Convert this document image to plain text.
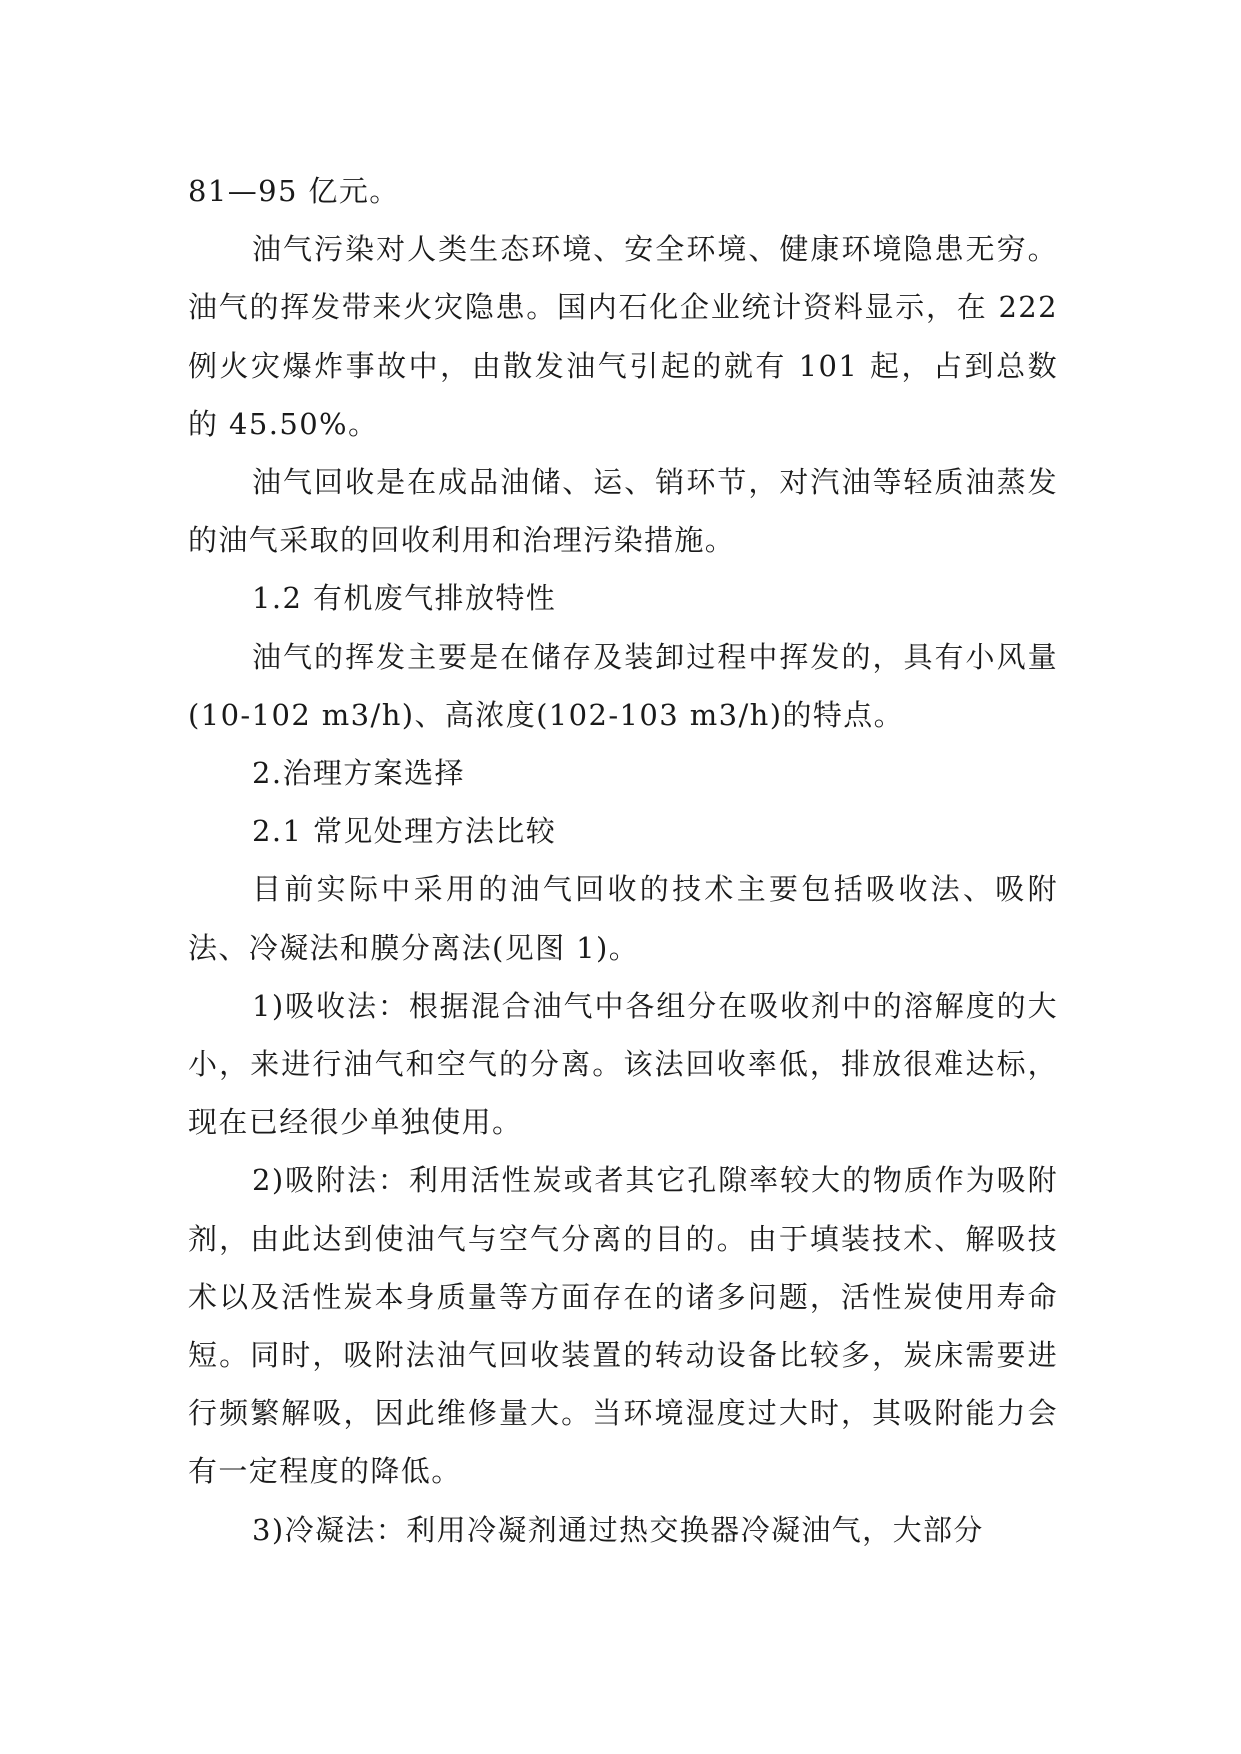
81—95 亿元。

油气污染对人类生态环境、安全环境、健康环境隐患无穷。油气的挥发带来火灾隐患。国内石化企业统计资料显示，在 222 例火灾爆炸事故中，由散发油气引起的就有 101 起，占到总数的 45.50%。

油气回收是在成品油储、运、销环节，对汽油等轻质油蒸发的油气采取的回收利用和治理污染措施。

1.2 有机废气排放特性

油气的挥发主要是在储存及装卸过程中挥发的，具有小风量(10-102 m3/h)、高浓度(102-103 m3/h)的特点。

2.治理方案选择

2.1 常见处理方法比较

目前实际中采用的油气回收的技术主要包括吸收法、吸附法、冷凝法和膜分离法(见图 1)。

1)吸收法：根据混合油气中各组分在吸收剂中的溶解度的大小，来进行油气和空气的分离。该法回收率低，排放很难达标，现在已经很少单独使用。

2)吸附法：利用活性炭或者其它孔隙率较大的物质作为吸附剂，由此达到使油气与空气分离的目的。由于填装技术、解吸技术以及活性炭本身质量等方面存在的诸多问题，活性炭使用寿命短。同时，吸附法油气回收装置的转动设备比较多，炭床需要进行频繁解吸，因此维修量大。当环境湿度过大时，其吸附能力会有一定程度的降低。

3)冷凝法：利用冷凝剂通过热交换器冷凝油气，大部分
